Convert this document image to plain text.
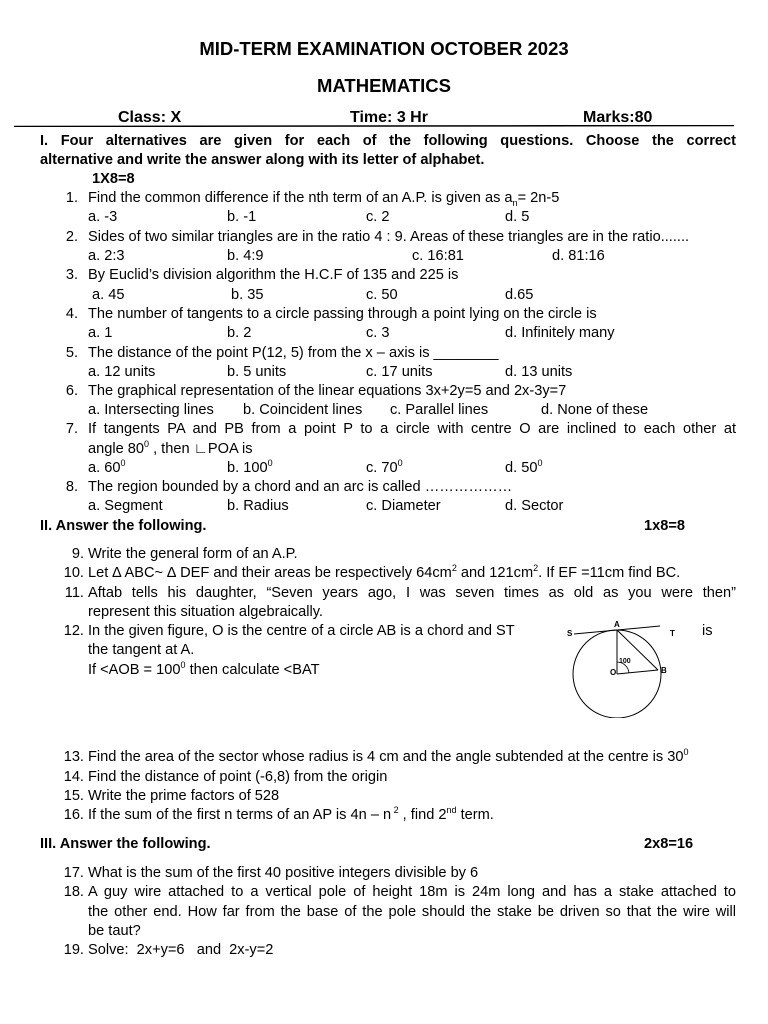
MID-TERM EXAMINATION OCTOBER 2023
MATHEMATICS
Class: X	Time: 3 Hr	Marks:80
I. Four alternatives are given for each of the following questions. Choose the correct
alternative and write the answer along with its letter of alphabet.
1X8=8
1. Find the common difference if the nth term of an A.P. is given as $a_n= 2n-5$
a. -3	b. -1	c. 2	d. 5
2. Sides of two similar triangles are in the ratio 4 : 9. Areas of these triangles are in the ratio.......
a. 2:3	b. 4:9	c. 16:81	d. 81:16
3. By Euclid’s division algorithm the H.C.F of 135 and 225 is
a. 45	b. 35	c. 50	d.65
4. The number of tangents to a circle passing through a point lying on the circle is
a. 1	b. 2	c. 3	d. Infinitely many
5. The distance of the point P(12, 5) from the x – axis is ________
a. 12 units	b. 5 units	c. 17 units	d. 13 units
6. The graphical representation of the linear equations 3x+2y=5 and 2x-3y=7
a. Intersecting lines b. Coincident lines c. Parallel lines	d. None of these
7. If tangents PA and PB from a point P to a circle with centre O are inclined to each other at
angle $80^0$ , then ∟POA is
a. $60^0$	b. $100^0$	c. $70^0$	d. $50^0$
8. The region bounded by a chord and an arc is called ………………
a. Segment	b. Radius	c. Diameter	d. Sector
II. Answer the following.	1x8=8
9. Write the general form of an A.P.
10. Let ∆ ABC~ ∆ DEF and their areas be respectively $64cm^2$ and $121cm^2$. If EF =11cm find BC.
11. Aftab tells his daughter, “Seven years ago, I was seven times as old as you were then”
represent this situation algebraically.
12. In the given figure, O is the centre of a circle AB is a chord and ST	is
the tangent at A.
$If <AOB = 100^0$ then calculate <BAT
S
A
T
O	B
100
13. Find the area of the sector whose radius is 4 cm and the angle subtended at the centre is $30^0$
14. Find the distance of point (-6,8) from the origin
15. Write the prime factors of 528
16. If the sum of the first n terms of an AP is 4n – n $^2$ , find 2nd term.
III. Answer the following.	2x8=16
17. What is the sum of the first 40 positive integers divisible by 6
18. A guy wire attached to a vertical pole of height 18m is 24m long and has a stake attached to
the other end. How far from the base of the pole should the stake be driven so that the wire will
be taut?
19. Solve:  2x+y=6   and  2x-y=2
